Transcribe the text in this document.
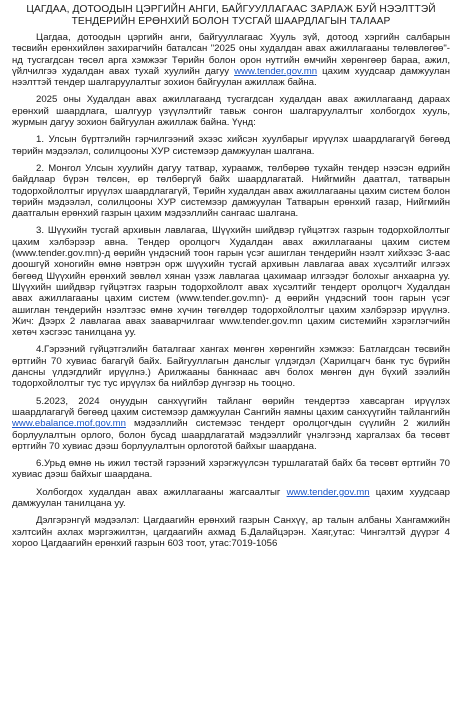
ЦАГДАА, ДОТООДЫН ЦЭРГИЙН АНГИ, БАЙГУУЛЛАГААС ЗАРЛАЖ БУЙ НЭЭЛТТЭЙ ТЕНДЕРИЙН ЕРӨНХИЙ БОЛОН ТУСГАЙ ШААРДЛАГЫН ТАЛААР

Цагдаа, дотоодын цэргийн анги, байгууллагаас Хууль зүй, дотоод хэргийн салбарын төсвийн ерөнхийлөн захирагчийн баталсан "2025 оны худалдан авах ажиллагааны төлөвлөгөө"-нд тусгагдсан төсөл арга хэмжээг Төрийн болон орон нутгийн өмчийн хөрөнгөөр бараа, ажил, үйлчилгээ худалдан авах тухай хуулийн дагуу www.tender.gov.mn цахим хуудсаар дамжуулан нээлттэй тендер шалгаруулалтыг зохион байгуулан ажиллаж байна.

2025 оны Худалдан авах ажиллагаанд тусгагдсан худалдан авах ажиллагаанд дараах ерөнхий шаардлага, шалгуур үзүүлэлтийг тавьж сонгон шалгаруулалтыг холбогдох хууль, журмын дагуу зохион байгуулан ажиллаж байна. Үүнд:

1. Улсын бүртгэлийн гэрчилгээний эхээс хийсэн хуулбарыг ирүүлэх шаардлагагүй бөгөөд төрийн мэдээлэл, солилцооны ХУР системээр дамжуулан шалгана.

2. Монгол Улсын хуулийн дагуу татвар, хураамж, төлбөрөө тухайн тендер нээсэн өдрийн байдлаар бүрэн төлсөн, өр төлбөргүй байх шаардлагатай. Нийгмийн даатгал, татварын тодорхойлолтыг ирүүлэх шаардлагагүй, Төрийн худалдан авах ажиллагааны цахим систем болон төрийн мэдээлэл, солилцооны ХУР системээр дамжуулан Татварын ерөнхий газар, Нийгмийн даатгалын ерөнхий газрын цахим мэдээллийн сангаас шалгана.

3. Шүүхийн тусгай архивын лавлагаа, Шүүхийн шийдвэр гүйцэтгэх газрын тодорхойлолтыг цахим хэлбэрээр авна. Тендер оролцогч Худалдан авах ажиллагааны цахим систем (www.tender.gov.mn)-д өөрийн үндэсний тоон гарын үсэг ашиглан тендерийн нээлт хийхээс 3-аас доошгүй хоногийн өмнө нэвтрэн орж шүүхийн тусгай архивын лавлагаа авах хүсэлтийг илгээх бөгөөд Шүүхийн ерөнхий зөвлөл хянан үзэж лавлагаа цахимаар илгээдэг болохыг анхаарна уу. Шүүхийн шийдвэр гүйцэтгэх газрын тодорхойлолт авах хүсэлтийг тендерт оролцогч Худалдан авах ажиллагааны цахим систем (www.tender.gov.mn)- д өөрийн үндэсний тоон гарын үсэг ашиглан тендерийн нээлтээс өмнө хүчин төгөлдөр тодорхойлолтыг цахим хэлбэрээр ирүүлнэ. Жич: Дээрх 2 лавлагаа авах зааварчилгааг www.tender.gov.mn цахим системийн хэрэглэгчийн хөтөч хэсгээс танилцана уу.

4.Гэрээний гүйцэтгэлийн баталгааг хангах мөнгөн хөрөнгийн хэмжээ: Батлагдсан төсвийн өртгийн 70 хувиас багагүй байх. Байгууллагын данслыг үлдэгдэл (Харилцагч банк тус бүрийн дансны үлдэгдлийг ирүүлнэ.) Арилжааны банкнаас авч болох мөнгөн дүн бүхий зээлийн тодорхойлолтыг тус тус ирүүлэх ба нийлбэр дүнгээр нь тооцно.

5.2023, 2024 онуудын санхүүгийн тайланг өөрийн тендертээ хавсарган ирүүлэх шаардлагагүй бөгөөд цахим системээр дамжуулан Сангийн яамны цахим санхүүгийн тайлангийн www.ebalance.mof.gov.mn мэдээллийн системээс тендерт оролцогчдын сүүлийн 2 жилийн борлуулалтын орлого, болон бусад шаардлагатай мэдээллийг үнэлгээнд харгалзах ба төсөвт өртгийн 70 хувиас дээш борлуулалтын орлоготой байхыг шаардана.

6.Урьд өмнө нь ижил төстэй гэрээний хэрэгжүүлсэн туршлагатай байх ба төсөвт өртгийн 70 хувиас дээш байхыг шаардана.

Холбогдох худалдан авах ажиллагааны жагсаалтыг www.tender.gov.mn цахим хуудсаар дамжуулан танилцана уу.

Дэлгэрэнгүй мэдээлэл: Цагдаагийн ерөнхий газрын Санхүү, ар талын албаны Хангамжийн хэлтсийн ахлах мэргэжилтэн, цагдаагийн ахмад Б.Далайцэрэн. Хаяг,утас: Чингэлтэй дүүрэг 4 хороо Цагдаагийн ерөнхий газрын 603 тоот, утас:7019-1056
